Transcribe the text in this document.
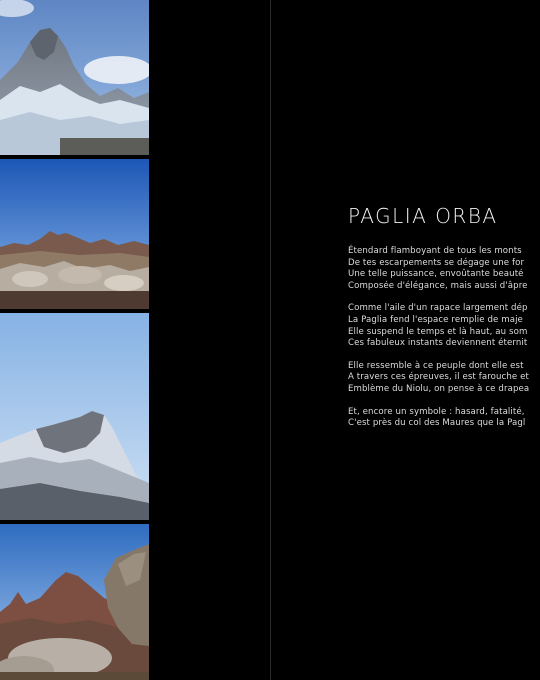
PAGLIA ORBA
Étendard flamboyant de tous les monts
De tes escarpements se dégage une for
Une telle puissance, envoûtante beauté
Composée d'élégance, mais aussi d'âpre
Comme l'aile d'un rapace largement dép
La Paglia fend l'espace remplie de maje
Elle suspend le temps et là haut, au som
Ces fabuleux instants deviennent éternit
Elle ressemble à ce peuple dont elle est
A travers ces épreuves, il est farouche et
Emblème du Niolu, on pense à ce drapea
Et, encore un symbole : hasard, fatalité,
C'est près du col des Maures que la Pagl
